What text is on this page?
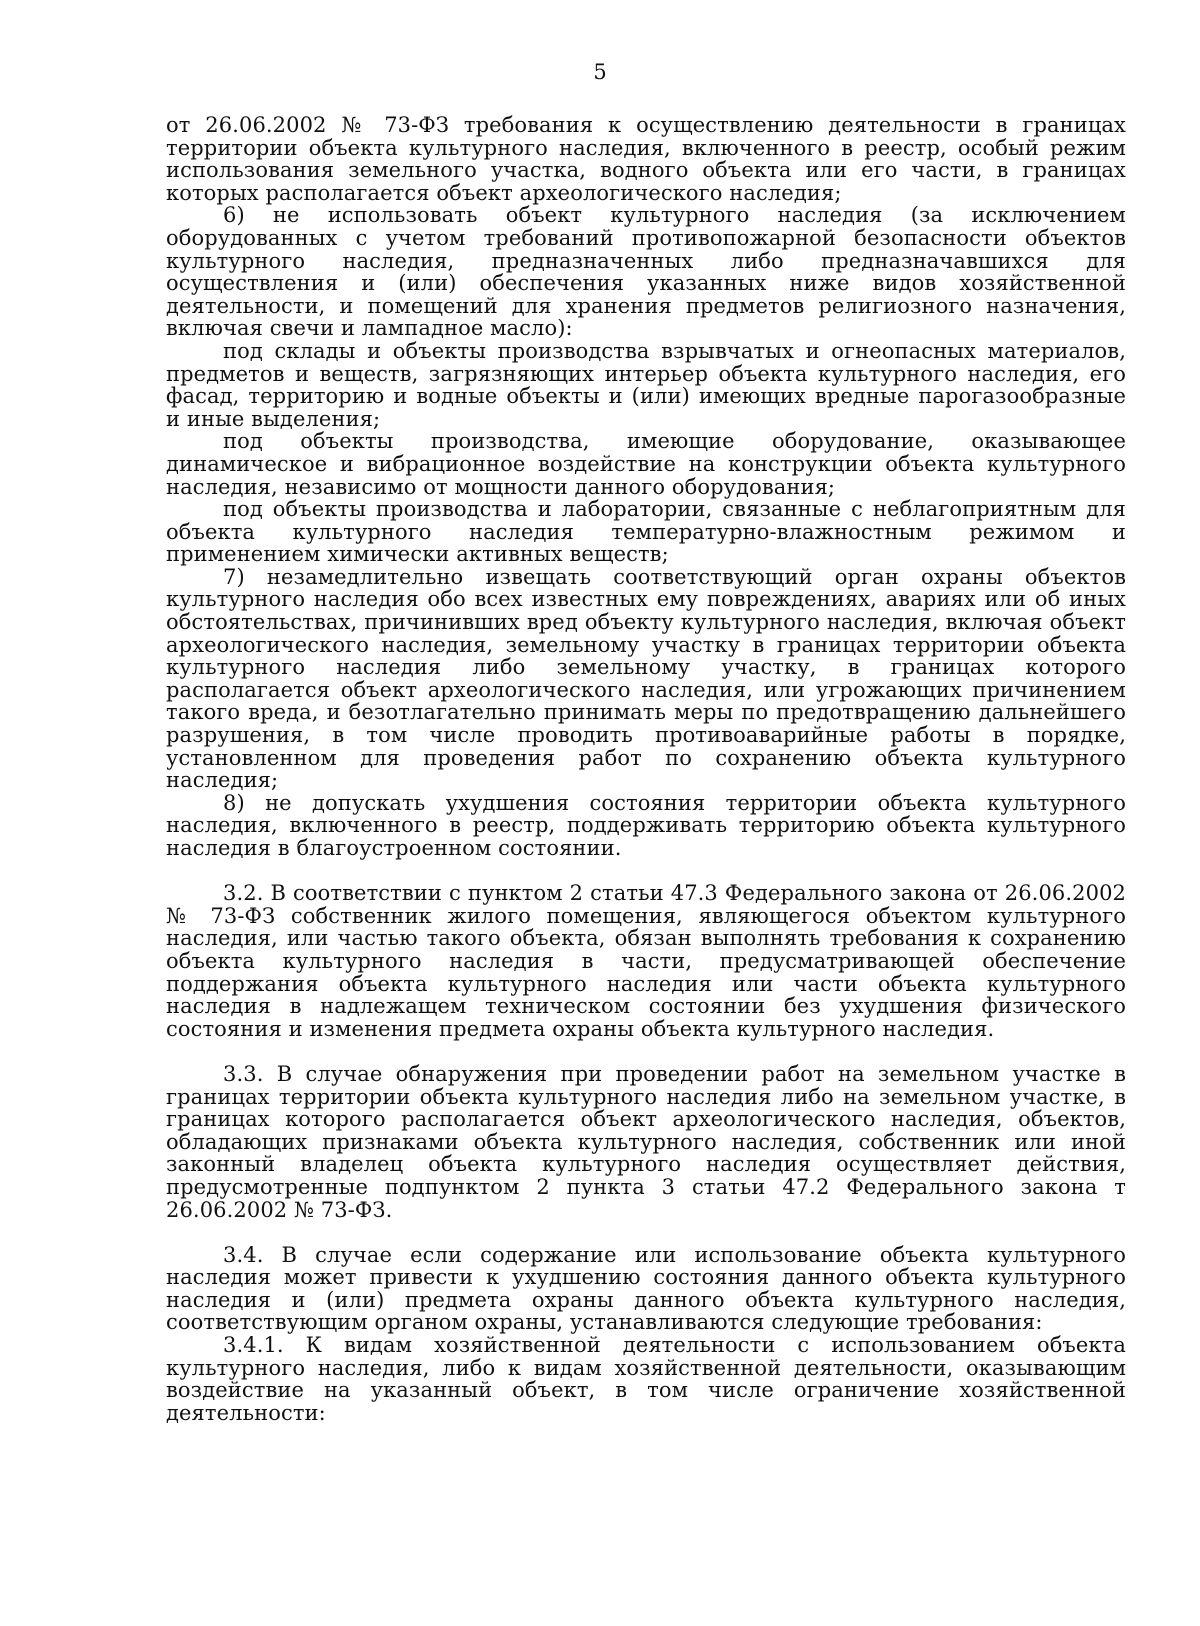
5

от 26.06.2002 № 73-ФЗ требования к осуществлению деятельности в границах территории объекта культурного наследия, включенного в реестр, особый режим использования земельного участка, водного объекта или его части, в границах которых располагается объект археологического наследия;

6) не использовать объект культурного наследия (за исключением оборудованных с учетом требований противопожарной безопасности объектов культурного наследия, предназначенных либо предназначавшихся для осуществления и (или) обеспечения указанных ниже видов хозяйственной деятельности, и помещений для хранения предметов религиозного назначения, включая свечи и лампадное масло):

под склады и объекты производства взрывчатых и огнеопасных материалов, предметов и веществ, загрязняющих интерьер объекта культурного наследия, его фасад, территорию и водные объекты и (или) имеющих вредные парогазообразные и иные выделения;

под объекты производства, имеющие оборудование, оказывающее динамическое и вибрационное воздействие на конструкции объекта культурного наследия, независимо от мощности данного оборудования;

под объекты производства и лаборатории, связанные с неблагоприятным для объекта культурного наследия температурно-влажностным режимом и применением химически активных веществ;

7) незамедлительно извещать соответствующий орган охраны объектов культурного наследия обо всех известных ему повреждениях, авариях или об иных обстоятельствах, причинивших вред объекту культурного наследия, включая объект археологического наследия, земельному участку в границах территории объекта культурного наследия либо земельному участку, в границах которого располагается объект археологического наследия, или угрожающих причинением такого вреда, и безотлагательно принимать меры по предотвращению дальнейшего разрушения, в том числе проводить противоаварийные работы в порядке, установленном для проведения работ по сохранению объекта культурного наследия;

8) не допускать ухудшения состояния территории объекта культурного наследия, включенного в реестр, поддерживать территорию объекта культурного наследия в благоустроенном состоянии.

3.2. В соответствии с пунктом 2 статьи 47.3 Федерального закона от 26.06.2002 № 73-ФЗ собственник жилого помещения, являющегося объектом культурного наследия, или частью такого объекта, обязан выполнять требования к сохранению объекта культурного наследия в части, предусматривающей обеспечение поддержания объекта культурного наследия или части объекта культурного наследия в надлежащем техническом состоянии без ухудшения физического состояния и изменения предмета охраны объекта культурного наследия.

3.3. В случае обнаружения при проведении работ на земельном участке в границах территории объекта культурного наследия либо на земельном участке, в границах которого располагается объект археологического наследия, объектов, обладающих признаками объекта культурного наследия, собственник или иной законный владелец объекта культурного наследия осуществляет действия, предусмотренные подпунктом 2 пункта 3 статьи 47.2 Федерального закона т 26.06.2002 № 73-ФЗ.

3.4. В случае если содержание или использование объекта культурного наследия может привести к ухудшению состояния данного объекта культурного наследия и (или) предмета охраны данного объекта культурного наследия, соответствующим органом охраны, устанавливаются следующие требования:

3.4.1. К видам хозяйственной деятельности с использованием объекта культурного наследия, либо к видам хозяйственной деятельности, оказывающим воздействие на указанный объект, в том числе ограничение хозяйственной деятельности:
